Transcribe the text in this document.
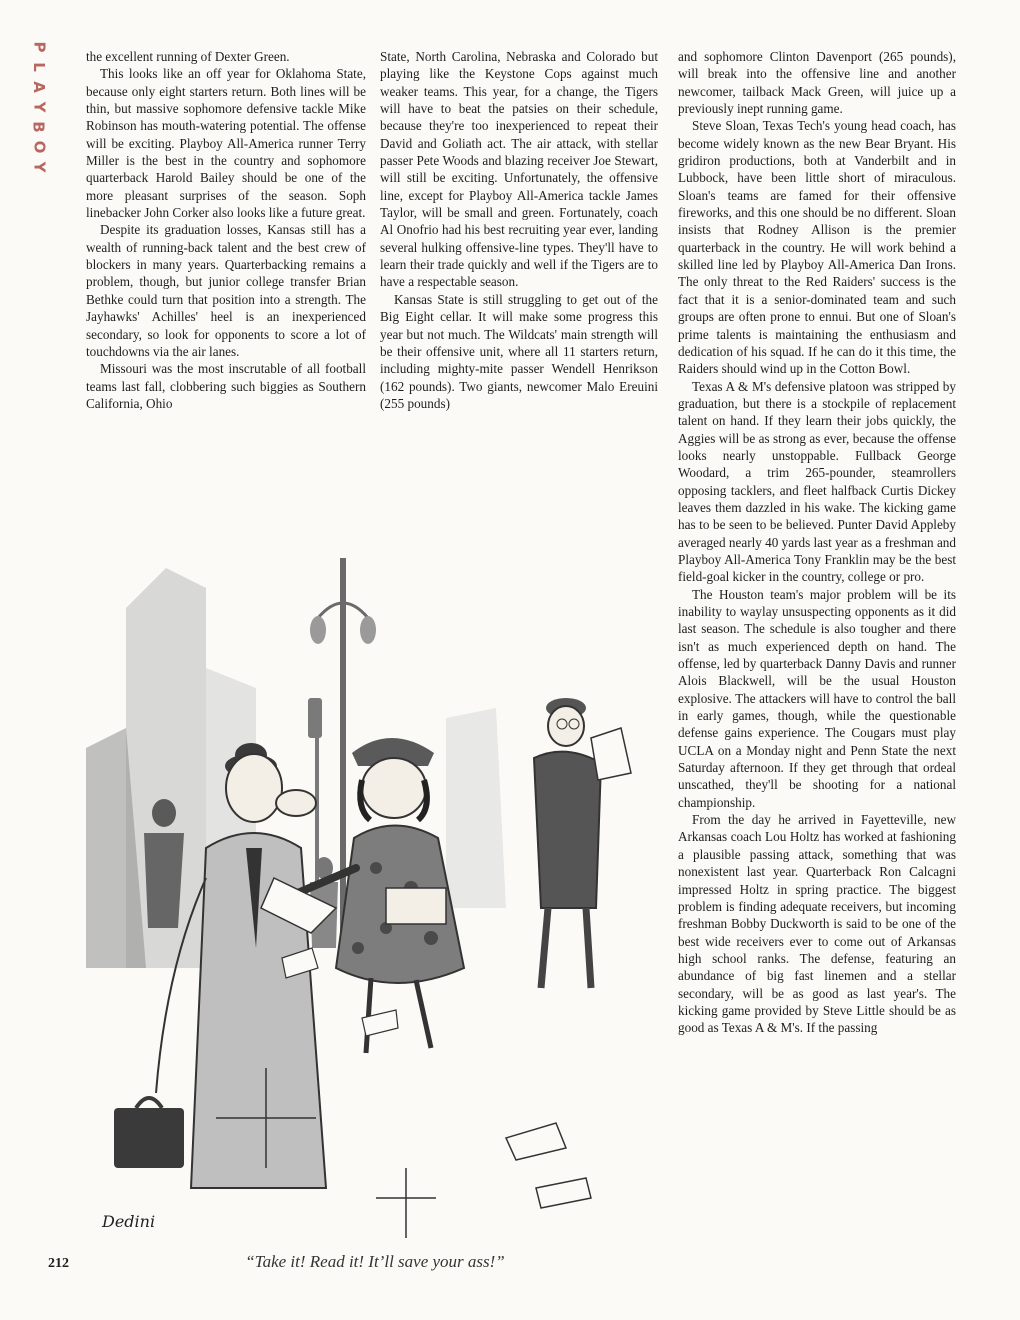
P
L
A
Y
B
O
Y

the excellent running of Dexter Green.

This looks like an off year for Oklahoma State, because only eight starters return. Both lines will be thin, but massive sophomore defensive tackle Mike Robinson has mouth-watering potential. The offense will be exciting. Playboy All-America runner Terry Miller is the best in the country and sophomore quarterback Harold Bailey should be one of the more pleasant surprises of the season. Soph linebacker John Corker also looks like a future great.

Despite its graduation losses, Kansas still has a wealth of running-back talent and the best crew of blockers in many years. Quarterbacking remains a problem, though, but junior college transfer Brian Bethke could turn that position into a strength. The Jayhawks' Achilles' heel is an inexperienced secondary, so look for opponents to score a lot of touchdowns via the air lanes.

Missouri was the most inscrutable of all football teams last fall, clobbering such biggies as Southern California, Ohio

State, North Carolina, Nebraska and Colorado but playing like the Keystone Cops against much weaker teams. This year, for a change, the Tigers will have to beat the patsies on their schedule, because they're too inexperienced to repeat their David and Goliath act. The air attack, with stellar passer Pete Woods and blazing receiver Joe Stewart, will still be exciting. Unfortunately, the offensive line, except for Playboy All-America tackle James Taylor, will be small and green. Fortunately, coach Al Onofrio had his best recruiting year ever, landing several hulking offensive-line types. They'll have to learn their trade quickly and well if the Tigers are to have a respectable season.

Kansas State is still struggling to get out of the Big Eight cellar. It will make some progress this year but not much. The Wildcats' main strength will be their offensive unit, where all 11 starters return, including mighty-mite passer Wendell Henrikson (162 pounds). Two giants, newcomer Malo Ereuini (255 pounds)

and sophomore Clinton Davenport (265 pounds), will break into the offensive line and another newcomer, tailback Mack Green, will juice up a previously inept running game.

Steve Sloan, Texas Tech's young head coach, has become widely known as the new Bear Bryant. His gridiron productions, both at Vanderbilt and in Lubbock, have been little short of miraculous. Sloan's teams are famed for their offensive fireworks, and this one should be no different. Sloan insists that Rodney Allison is the premier quarterback in the country. He will work behind a skilled line led by Playboy All-America Dan Irons. The only threat to the Red Raiders' success is the fact that it is a senior-dominated team and such groups are often prone to ennui. But one of Sloan's prime talents is maintaining the enthusiasm and dedication of his squad. If he can do it this time, the Raiders should wind up in the Cotton Bowl.

Texas A & M's defensive platoon was stripped by graduation, but there is a stockpile of replacement talent on hand. If they learn their jobs quickly, the Aggies will be as strong as ever, because the offense looks nearly unstoppable. Fullback George Woodard, a trim 265-pounder, steamrollers opposing tacklers, and fleet halfback Curtis Dickey leaves them dazzled in his wake. The kicking game has to be seen to be believed. Punter David Appleby averaged nearly 40 yards last year as a freshman and Playboy All-America Tony Franklin may be the best field-goal kicker in the country, college or pro.

The Houston team's major problem will be its inability to waylay unsuspecting opponents as it did last season. The schedule is also tougher and there isn't as much experienced depth on hand. The offense, led by quarterback Danny Davis and runner Alois Blackwell, will be the usual Houston explosive. The attackers will have to control the ball in early games, though, while the questionable defense gains experience. The Cougars must play UCLA on a Monday night and Penn State the next Saturday afternoon. If they get through that ordeal unscathed, they'll be shooting for a national championship.

From the day he arrived in Fayetteville, new Arkansas coach Lou Holtz has worked at fashioning a plausible passing attack, something that was nonexistent last year. Quarterback Ron Calcagni impressed Holtz in spring practice. The biggest problem is finding adequate receivers, but incoming freshman Bobby Duckworth is said to be one of the best wide receivers ever to come out of Arkansas high school ranks. The defense, featuring an abundance of big fast linemen and a stellar secondary, will be as good as last year's. The kicking game provided by Steve Little should be as good as Texas A & M's. If the passing

Dedini
“Take it! Read it! It’ll save your ass!”
212
